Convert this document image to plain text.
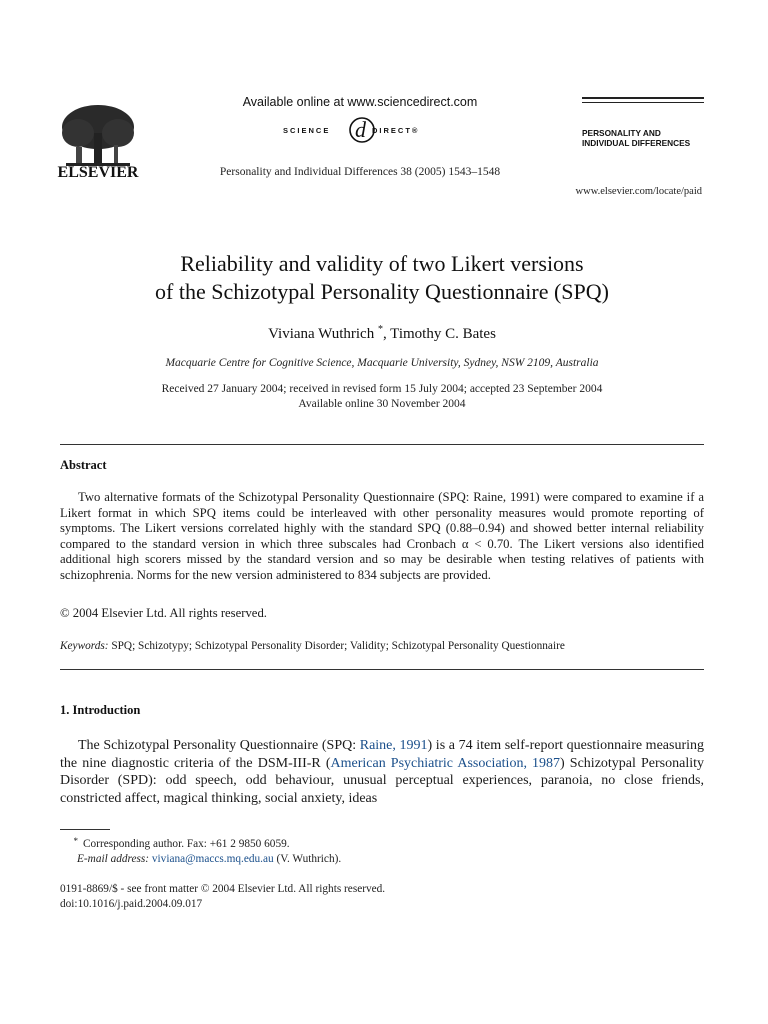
ELSEVIER
Available online at www.sciencedirect.com
d
SCIENCE	DIRECT®
Personality and Individual Differences 38 (2005) 1543–1548
PERSONALITY AND
INDIVIDUAL DIFFERENCES
www.elsevier.com/locate/paid
Reliability and validity of two Likert versions
of the Schizotypal Personality Questionnaire (SPQ)
Viviana Wuthrich *, Timothy C. Bates
Macquarie Centre for Cognitive Science, Macquarie University, Sydney, NSW 2109, Australia
Received 27 January 2004; received in revised form 15 July 2004; accepted 23 September 2004
Available online 30 November 2004
Abstract

Two alternative formats of the Schizotypal Personality Questionnaire (SPQ: Raine, 1991) were compared to examine if a Likert format in which SPQ items could be interleaved with other personality measures would promote reporting of symptoms. The Likert versions correlated highly with the standard SPQ (0.88–0.94) and showed better internal reliability compared to the standard version in which three subscales had Cronbach α < 0.70. The Likert versions also identified additional high scorers missed by the standard version and so may be desirable when testing relatives of patients with schizophrenia. Norms for the new version administered to 834 subjects are provided.

© 2004 Elsevier Ltd. All rights reserved.
Keywords: SPQ; Schizotypy; Schizotypal Personality Disorder; Validity; Schizotypal Personality Questionnaire
1. Introduction

The Schizotypal Personality Questionnaire (SPQ: Raine, 1991) is a 74 item self-report questionnaire measuring the nine diagnostic criteria of the DSM-III-R (American Psychiatric Association, 1987) Schizotypal Personality Disorder (SPD): odd speech, odd behaviour, unusual perceptual experiences, paranoia, no close friends, constricted affect, magical thinking, social anxiety, ideas

* Corresponding author. Fax: +61 2 9850 6059.
E-mail address: viviana@maccs.mq.edu.au (V. Wuthrich).
0191-8869/$ - see front matter © 2004 Elsevier Ltd. All rights reserved.
doi:10.1016/j.paid.2004.09.017
